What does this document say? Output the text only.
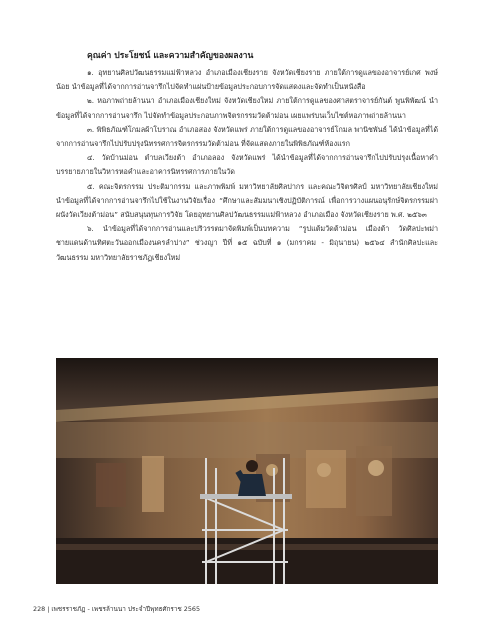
คุณค่า ประโยชน์ และความสำคัญของผลงาน

๑. อุทยานศิลปวัฒนธรรมแม่ฟ้าหลวง อำเภอเมืองเชียงราย จังหวัดเชียงราย ภายใต้การดูแลของอาจารย์เกศ พงษ์น้อย นำข้อมูลที่ได้จากการอ่านจารึกไปจัดทำแผ่นป้ายข้อมูลประกอบการจัดแสดงและจัดทำเป็นหนังสือ

๒. หอภาพถ่ายล้านนา อำเภอเมืองเชียงใหม่ จังหวัดเชียงใหม่ ภายใต้การดูแลของศาสตราจารย์กันต์ พูนพิพัฒน์ นำข้อมูลที่ได้จากการอ่านจารึก ไปจัดทำข้อมูลประกอบภาพจิตรกรรมวัดต้าม่อน เผยแพร่บนเว็บไซต์หอภาพถ่ายล้านนา

๓. พิพิธภัณฑ์โกมลผ้าโบราณ อำเภอสอง จังหวัดแพร่ ภายใต้การดูแลของอาจารย์โกมล พานิชพันธ์ ได้นำข้อมูลที่ได้จากการอ่านจารึกไปปรับปรุงนิทรรศการจิตรกรรมวัดต้าม่อน ที่จัดแสดงภายในพิพิธภัณฑ์ห้องแรก

๔. วัดบ้านม่อน ตำบลเวียงต้า อำเภอลอง จังหวัดแพร่ ได้นำข้อมูลที่ได้จากการอ่านจารึกไปปรับปรุงเนื้อหาคำบรรยายภายในวิหารหอคำและอาคารนิทรรศการภายในวัด

๕. คณะจิตรกรรม ประติมากรรม และภาพพิมพ์ มหาวิทยาลัยศิลปากร และคณะวิจิตรศิลป์ มหาวิทยาลัยเชียงใหม่ นำข้อมูลที่ได้จากการอ่านจารึกไปใช้ในงานวิจัยเรื่อง “ศึกษาและสัมมนาเชิงปฏิบัติการณ์ เพื่อการวางแผนอนุรักษ์จิตรกรรมฝาผนังวัดเวียงต้าม่อน” สนับสนุนทุนการวิจัย โดยอุทยานศิลปวัฒนธรรมแม่ฟ้าหลวง อำเภอเมือง จังหวัดเชียงราย พ.ศ. ๒๕๖๓

๖. นำข้อมูลที่ได้จากการอ่านและปริวรรตมาจัดพิมพ์เป็นบทความ “รูปแต้มวัดต้าม่อน เมืองต้า วัดศิลปะพม่าชายแดนด้านทิศตะวันออกเมืองนครลำปาง” ช่วงญา ปีที่ ๑๕ ฉบับที่ ๑ (มกราคม - มิถุนายน) ๒๕๖๔ สำนักศิลปะและวัฒนธรรม มหาวิทยาลัยราชภัฏเชียงใหม่

228 | เพชรราชภัฏ - เพชรล้านนา ประจำปีพุทธศักราช 2565
